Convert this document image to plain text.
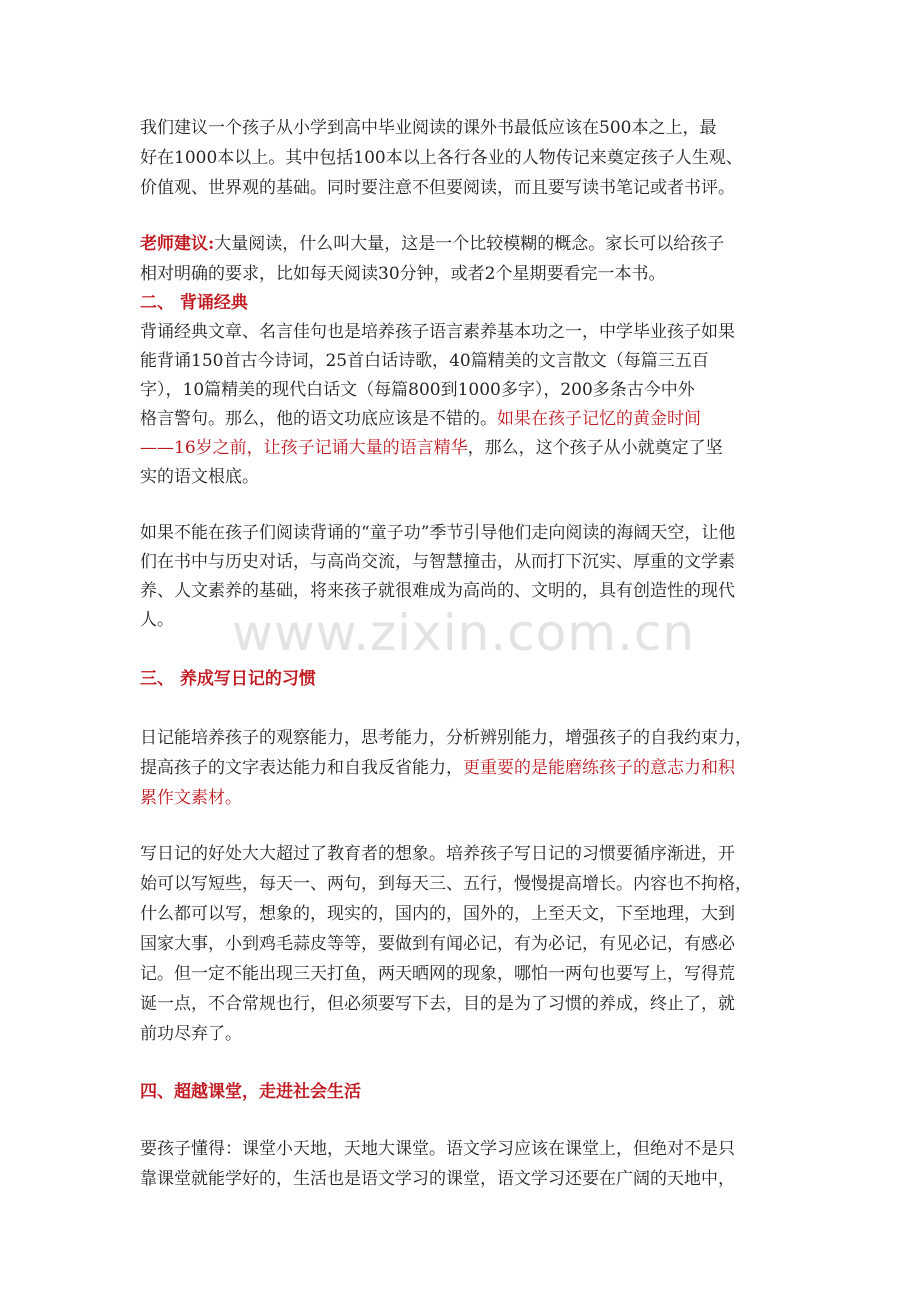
www.zixin.com.cn
我们建议一个孩子从小学到高中毕业阅读的课外书最低应该在500本之上，最
好在1000本以上。其中包括100本以上各行各业的人物传记来奠定孩子人生观、
价值观、世界观的基础。同时要注意不但要阅读，而且要写读书笔记或者书评。
老师建议:大量阅读，什么叫大量，这是一个比较模糊的概念。家长可以给孩子
相对明确的要求，比如每天阅读30分钟，或者2个星期要看完一本书。
二、 背诵经典
背诵经典文章、名言佳句也是培养孩子语言素养基本功之一，中学毕业孩子如果
能背诵150首古今诗词，25首白话诗歌，40篇精美的文言散文（每篇三五百
字），10篇精美的现代白话文（每篇800到1000多字），200多条古今中外
格言警句。那么，他的语文功底应该是不错的。如果在孩子记忆的黄金时间
——16岁之前，让孩子记诵大量的语言精华，那么，这个孩子从小就奠定了坚
实的语文根底。
如果不能在孩子们阅读背诵的“童子功”季节引导他们走向阅读的海阔天空，让他
们在书中与历史对话，与高尚交流，与智慧撞击，从而打下沉实、厚重的文学素
养、人文素养的基础，将来孩子就很难成为高尚的、文明的，具有创造性的现代
人。
三、 养成写日记的习惯
日记能培养孩子的观察能力，思考能力，分析辨别能力，增强孩子的自我约束力，
提高孩子的文字表达能力和自我反省能力，更重要的是能磨练孩子的意志力和积
累作文素材。
写日记的好处大大超过了教育者的想象。培养孩子写日记的习惯要循序渐进，开
始可以写短些，每天一、两句，到每天三、五行，慢慢提高增长。内容也不拘格，
什么都可以写，想象的，现实的，国内的，国外的，上至天文，下至地理，大到
国家大事，小到鸡毛蒜皮等等，要做到有闻必记，有为必记，有见必记，有感必
记。但一定不能出现三天打鱼，两天晒网的现象，哪怕一两句也要写上，写得荒
诞一点，不合常规也行，但必须要写下去，目的是为了习惯的养成，终止了，就
前功尽弃了。
四、超越课堂，走进社会生活
要孩子懂得：课堂小天地，天地大课堂。语文学习应该在课堂上，但绝对不是只
靠课堂就能学好的，生活也是语文学习的课堂，语文学习还要在广阔的天地中，
